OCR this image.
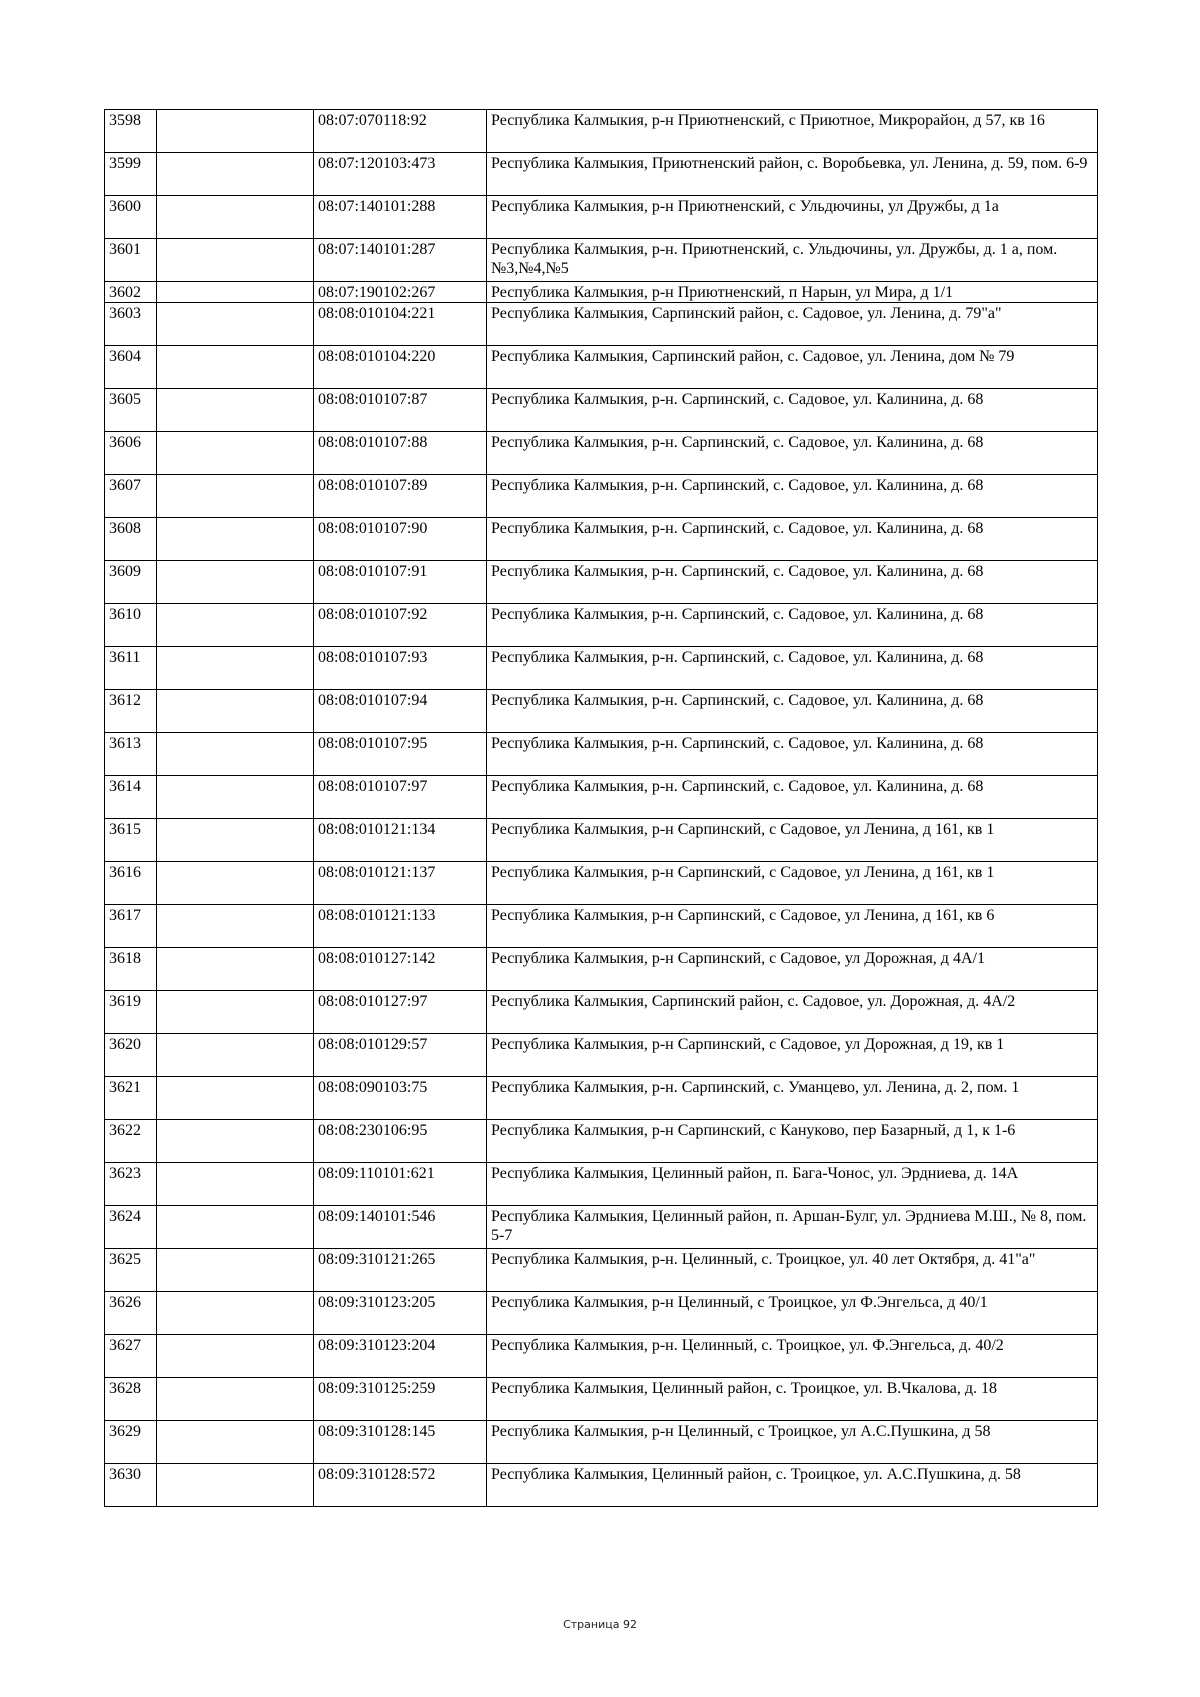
3598		08:07:070118:92	Республика Калмыкия, р-н Приютненский, с Приютное, Микрорайон, д 57, кв 16
3599		08:07:120103:473	Республика Калмыкия, Приютненский район, с. Воробьевка, ул. Ленина, д. 59, пом. 6-9
3600		08:07:140101:288	Республика Калмыкия, р-н Приютненский, с Ульдючины, ул Дружбы, д 1а
3601		08:07:140101:287	Республика Калмыкия, р-н. Приютненский, с. Ульдючины, ул. Дружбы, д. 1 а, пом. №3,№4,№5
3602		08:07:190102:267	Республика Калмыкия, р-н Приютненский, п Нарын, ул Мира, д 1/1
3603		08:08:010104:221	Республика Калмыкия, Сарпинский район, с. Садовое, ул. Ленина, д. 79"а"
3604		08:08:010104:220	Республика Калмыкия, Сарпинский район, с. Садовое, ул. Ленина, дом № 79
3605		08:08:010107:87	Республика Калмыкия, р-н. Сарпинский, с. Садовое, ул. Калинина, д. 68
3606		08:08:010107:88	Республика Калмыкия, р-н. Сарпинский, с. Садовое, ул. Калинина, д. 68
3607		08:08:010107:89	Республика Калмыкия, р-н. Сарпинский, с. Садовое, ул. Калинина, д. 68
3608		08:08:010107:90	Республика Калмыкия, р-н. Сарпинский, с. Садовое, ул. Калинина, д. 68
3609		08:08:010107:91	Республика Калмыкия, р-н. Сарпинский, с. Садовое, ул. Калинина, д. 68
3610		08:08:010107:92	Республика Калмыкия, р-н. Сарпинский, с. Садовое, ул. Калинина, д. 68
3611		08:08:010107:93	Республика Калмыкия, р-н. Сарпинский, с. Садовое, ул. Калинина, д. 68
3612		08:08:010107:94	Республика Калмыкия, р-н. Сарпинский, с. Садовое, ул. Калинина, д. 68
3613		08:08:010107:95	Республика Калмыкия, р-н. Сарпинский, с. Садовое, ул. Калинина, д. 68
3614		08:08:010107:97	Республика Калмыкия, р-н. Сарпинский, с. Садовое, ул. Калинина, д. 68
3615		08:08:010121:134	Республика Калмыкия, р-н Сарпинский, с Садовое, ул Ленина, д 161, кв 1
3616		08:08:010121:137	Республика Калмыкия, р-н Сарпинский, с Садовое, ул Ленина, д 161, кв 1
3617		08:08:010121:133	Республика Калмыкия, р-н Сарпинский, с Садовое, ул Ленина, д 161, кв 6
3618		08:08:010127:142	Республика Калмыкия, р-н Сарпинский, с Садовое, ул Дорожная, д 4А/1
3619		08:08:010127:97	Республика Калмыкия, Сарпинский район, с. Садовое, ул. Дорожная, д. 4А/2
3620		08:08:010129:57	Республика Калмыкия, р-н Сарпинский, с Садовое, ул Дорожная, д 19, кв 1
3621		08:08:090103:75	Республика Калмыкия, р-н. Сарпинский, с. Уманцево, ул. Ленина, д. 2, пом. 1
3622		08:08:230106:95	Республика Калмыкия, р-н Сарпинский, с Кануково, пер Базарный, д 1, к 1-6
3623		08:09:110101:621	Республика Калмыкия, Целинный район, п. Бага-Чонос, ул. Эрдниева, д. 14А
3624		08:09:140101:546	Республика Калмыкия, Целинный район, п. Аршан-Булг, ул. Эрдниева М.Ш., № 8, пом. 5-7
3625		08:09:310121:265	Республика Калмыкия, р-н. Целинный, с. Троицкое, ул. 40 лет Октября, д. 41"а"
3626		08:09:310123:205	Республика Калмыкия, р-н Целинный, с Троицкое, ул Ф.Энгельса, д 40/1
3627		08:09:310123:204	Республика Калмыкия, р-н. Целинный, с. Троицкое, ул. Ф.Энгельса, д. 40/2
3628		08:09:310125:259	Республика Калмыкия, Целинный район, с. Троицкое, ул. В.Чкалова, д. 18
3629		08:09:310128:145	Республика Калмыкия, р-н Целинный, с Троицкое, ул А.С.Пушкина, д 58
3630		08:09:310128:572	Республика Калмыкия, Целинный район, с. Троицкое, ул. А.С.Пушкина, д. 58
Страница 92
